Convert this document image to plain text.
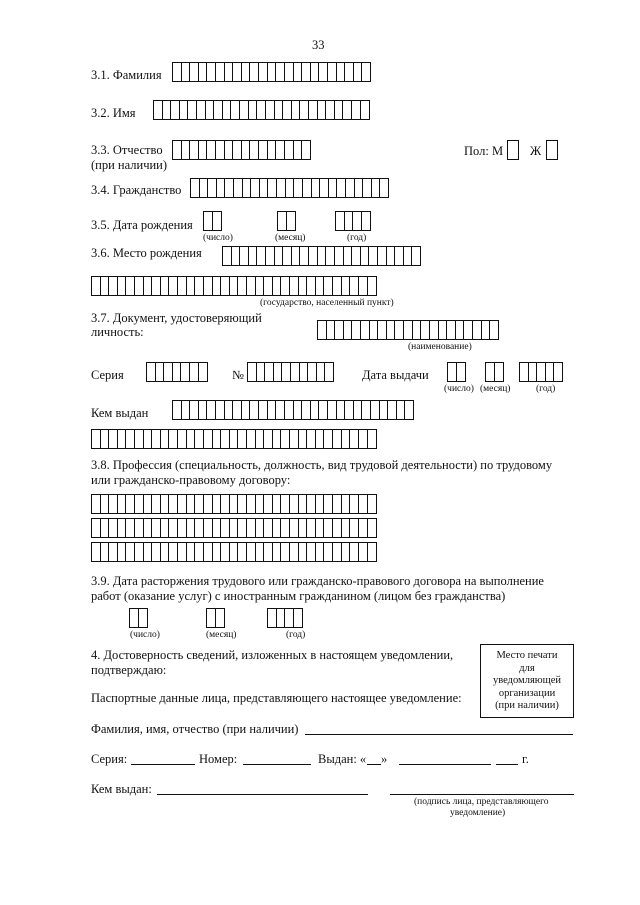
33
3.1. Фамилия
3.2. Имя
3.3. Отчество
(при наличии)
Пол: М Ж
3.4. Гражданство
3.5. Дата рождения
(число)	(месяц)	(год)
3.6. Место рождения
(государство, населенный пункт)
3.7. Документ, удостоверяющий
личность:
(наименование)
Серия	№	Дата выдачи
(число) (месяц)	(год)
Кем выдан
3.8. Профессия (специальность, должность, вид трудовой деятельности) по трудовому
или гражданско-правовому договору:
3.9. Дата расторжения трудового или гражданско-правового договора на выполнение
работ (оказание услуг) с иностранным гражданином (лицом без гражданства)
(число)	(месяц)	(год)
4. Достоверность сведений, изложенных в настоящем уведомлении,
подтверждаю:
Паспортные данные лица, представляющего настоящее уведомление:
Место печати
для
уведомляющей
организации
(при наличии)
Фамилия, имя, отчество (при наличии)
Серия:	Номер:	Выдан: « »	г.
Кем выдан:
(подпись лица, представляющего
уведомление)
